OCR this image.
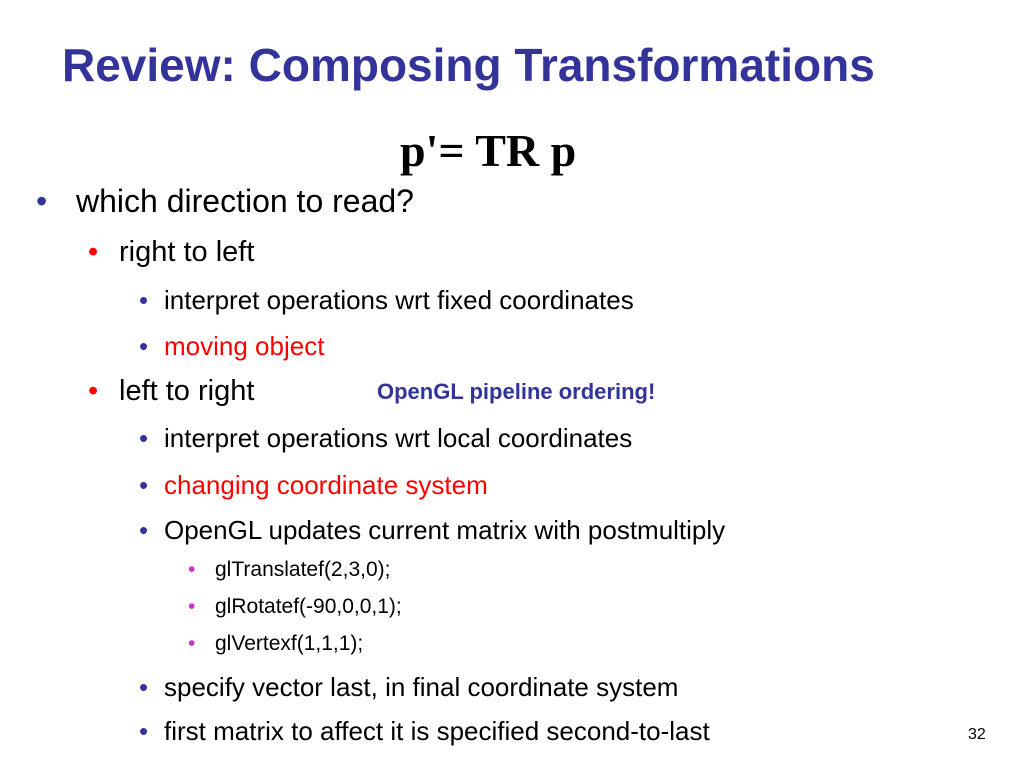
Review: Composing Transformations
p'= TR p
• which direction to read?
• right to left
• interpret operations wrt fixed coordinates
• moving object
• left to right	OpenGL pipeline ordering!
• interpret operations wrt local coordinates
• changing coordinate system
• OpenGL updates current matrix with postmultiply
• glTranslatef(2,3,0);
• glRotatef(-90,0,0,1);
• glVertexf(1,1,1);
• specify vector last, in final coordinate system
• first matrix to affect it is specified second-to-last	32
